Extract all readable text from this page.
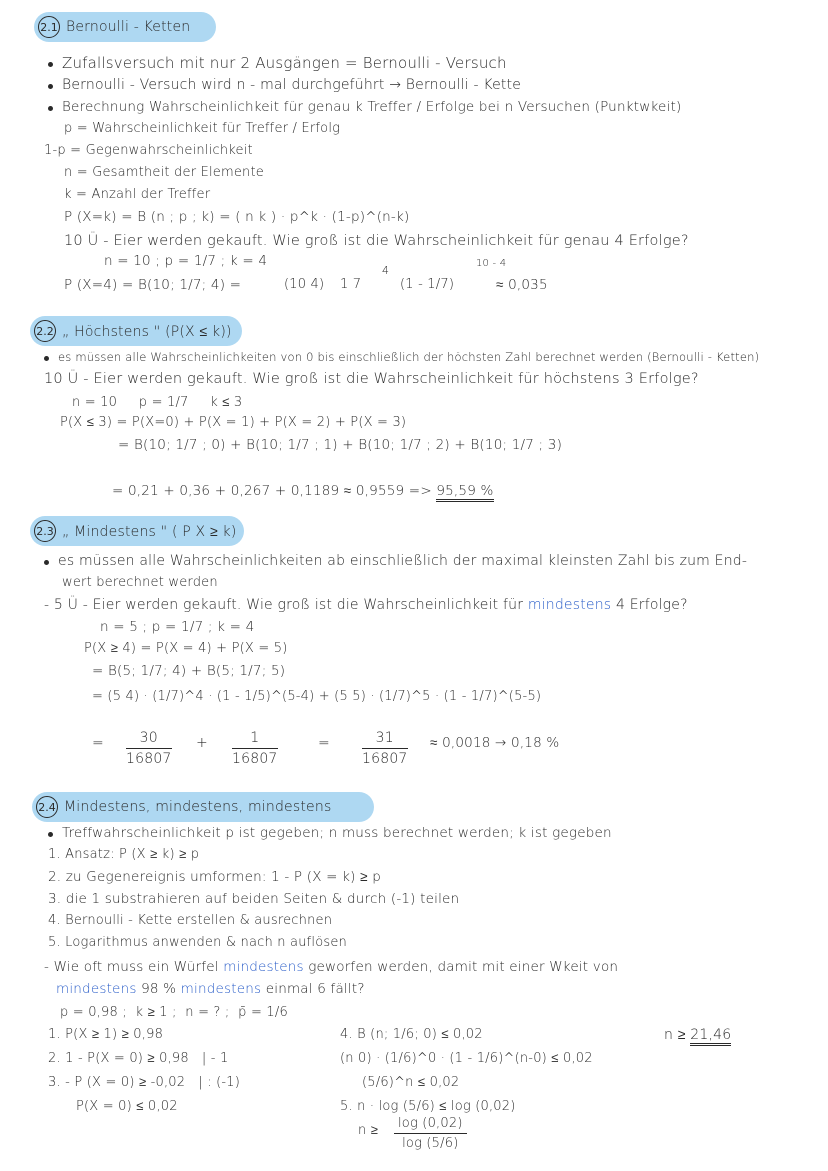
2.1 Bernoulli - Ketten
Zufallsversuch mit nur 2 Ausgängen = Bernoulli - Versuch
Bernoulli - Versuch wird n - mal durchgeführt → Bernoulli - Kette
Berechnung Wahrscheinlichkeit für genau k Treffer / Erfolge bei n Versuchen (Punktwkeit)
p = Wahrscheinlichkeit für Treffer / Erfolg
1-p = Gegenwahrscheinlichkeit
n = Gesamtheit der Elemente
k = Anzahl der Treffer
P (X=k) = B (n ; p ; k) = ( n k ) · p^k · (1-p)^(n-k)
10 Ü - Eier werden gekauft. Wie groß ist die Wahrscheinlichkeit für genau 4 Erfolge?
10 - 4
n = 10 ; p = 1/7 ; k = 4
P (X=4) = B(10; 1/7; 4) =	(10 4) 1 7
4
(1 - 1/7)	≈ 0,035
2.2 „ Höchstens " (P(X ≤ k))
es müssen alle Wahrscheinlichkeiten von 0 bis einschließlich der höchsten Zahl berechnet werden (Bernoulli - Ketten)
10 Ü - Eier werden gekauft. Wie groß ist die Wahrscheinlichkeit für höchstens 3 Erfolge?
n = 10     p = 1/7     k ≤ 3
P(X ≤ 3) = P(X=0) + P(X = 1) + P(X = 2) + P(X = 3)
= B(10; 1/7 ; 0) + B(10; 1/7 ; 1) + B(10; 1/7 ; 2) + B(10; 1/7 ; 3)
= 0,21 + 0,36 + 0,267 + 0,1189 ≈ 0,9559 => 95,59 %
2.3 „ Mindestens " ( P X ≥ k)
es müssen alle Wahrscheinlichkeiten ab einschließlich der maximal kleinsten Zahl bis zum End-
wert berechnet werden
- 5 Ü - Eier werden gekauft. Wie groß ist die Wahrscheinlichkeit für mindestens 4 Erfolge?
n = 5 ; p = 1/7 ; k = 4
P(X ≥ 4) = P(X = 4) + P(X = 5)
= B(5; 1/7; 4) + B(5; 1/7; 5)
= (5 4) · (1/7)^4 · (1 - 1/5)^(5-4) + (5 5) · (1/7)^5 · (1 - 1/7)^(5-5)
= $\frac{30}{16807} + \frac{1}{16807}$	= $\frac{31}{16807} \approx 0,0018 \to 0,18$ %
2.4 Mindestens, mindestens, mindestens
Treffwahrscheinlichkeit p ist gegeben; n muss berechnet werden; k ist gegeben
1. Ansatz: P (X ≥ k) ≥ p
2. zu Gegenereignis umformen: 1 - P (X = k) ≥ p
3. die 1 substrahieren auf beiden Seiten & durch (-1) teilen
4. Bernoulli - Kette erstellen & ausrechnen
5. Logarithmus anwenden & nach n auflösen
- Wie oft muss ein Würfel mindestens geworfen werden, damit mit einer Wkeit von
mindestens 98 % mindestens einmal 6 fällt?
p = 0,98 ;  k ≥ 1 ;  n = ? ;  p̄ = 1/6
1. P(X ≥ 1) ≥ 0,98
2. 1 - P(X = 0) ≥ 0,98   | - 1
3. - P (X = 0) ≥ -0,02   | : (-1)
P(X = 0) ≤ 0,02
4. B (n; 1/6; 0) ≤ 0,02
(n 0) · (1/6)^0 · (1 - 1/6)^(n-0) ≤ 0,02
(5/6)^n ≤ 0,02
5. n · log (5/6) ≤ log (0,02)
$n \ge \frac{\log (0,02)}{\log (5/6)}$
n ≥ 21,46
